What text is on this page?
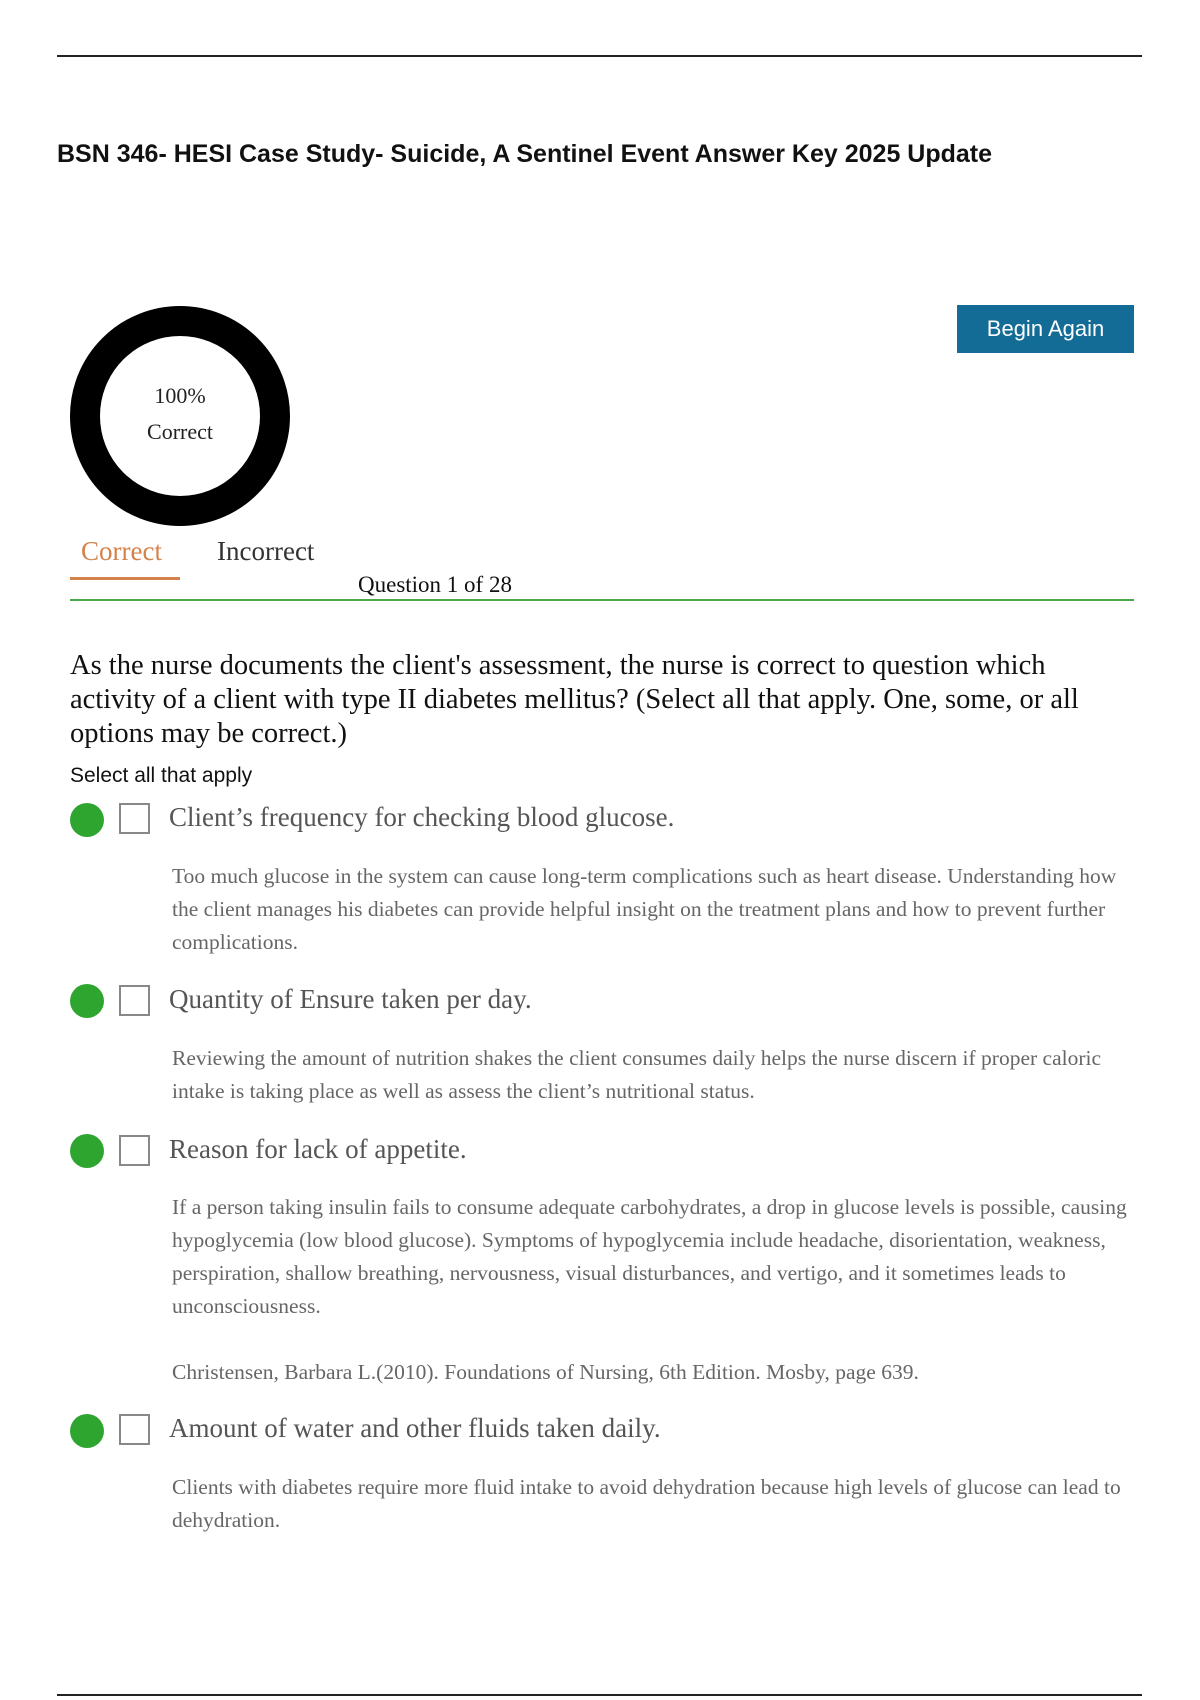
BSN 346- HESI Case Study- Suicide, A Sentinel Event Answer Key 2025 Update
100%
Correct
Begin Again
Correct Incorrect
Question 1 of 28
As the nurse documents the client's assessment, the nurse is correct to question which activity of a client with type II diabetes mellitus? (Select all that apply. One, some, or all options may be correct.)
Select all that apply
Client’s frequency for checking blood glucose.
Too much glucose in the system can cause long-term complications such as heart disease. Understanding how the client manages his diabetes can provide helpful insight on the treatment plans and how to prevent further complications.
Quantity of Ensure taken per day.
Reviewing the amount of nutrition shakes the client consumes daily helps the nurse discern if proper caloric intake is taking place as well as assess the client’s nutritional status.
Reason for lack of appetite.
If a person taking insulin fails to consume adequate carbohydrates, a drop in glucose levels is possible, causing hypoglycemia (low blood glucose). Symptoms of hypoglycemia include headache, disorientation, weakness, perspiration, shallow breathing, nervousness, visual disturbances, and vertigo, and it sometimes leads to unconsciousness.
Christensen, Barbara L.(2010). Foundations of Nursing, 6th Edition. Mosby, page 639.
Amount of water and other fluids taken daily.
Clients with diabetes require more fluid intake to avoid dehydration because high levels of glucose can lead to dehydration.
